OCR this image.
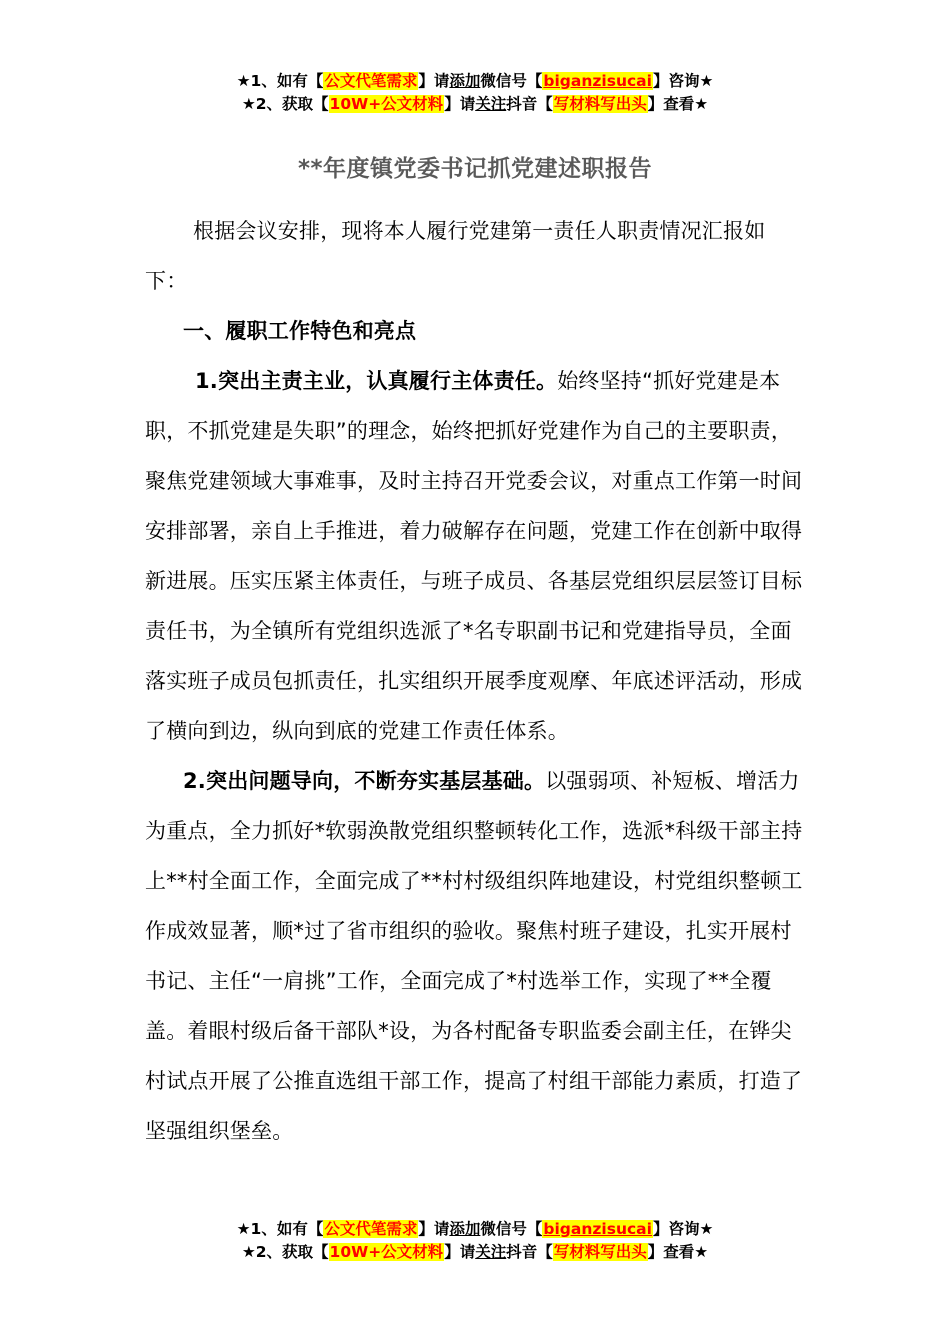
★1、如有【公文代笔需求】请添加微信号【biganzisucai】咨询★
★2、获取【10W+公文材料】请关注抖音【写材料写出头】查看★
**年度镇党委书记抓党建述职报告

根据会议安排，现将本人履行党建第一责任人职责情况汇报如下：

一、履职工作特色和亮点

1.突出主责主业，认真履行主体责任。始终坚持“抓好党建是本职，不抓党建是失职”的理念，始终把抓好党建作为自己的主要职责，聚焦党建领域大事难事，及时主持召开党委会议，对重点工作第一时间安排部署，亲自上手推进，着力破解存在问题，党建工作在创新中取得新进展。压实压紧主体责任，与班子成员、各基层党组织层层签订目标责任书，为全镇所有党组织选派了*名专职副书记和党建指导员，全面落实班子成员包抓责任，扎实组织开展季度观摩、年底述评活动，形成了横向到边，纵向到底的党建工作责任体系。

2.突出问题导向，不断夯实基层基础。以强弱项、补短板、增活力为重点，全力抓好*软弱涣散党组织整顿转化工作，选派*科级干部主持上**村全面工作，全面完成了**村村级组织阵地建设，村党组织整顿工作成效显著，顺*过了省市组织的验收。聚焦村班子建设，扎实开展村书记、主任“一肩挑”工作，全面完成了*村选举工作，实现了**全覆盖。着眼村级后备干部队*设，为各村配备专职监委会副主任，在铧尖村试点开展了公推直选组干部工作，提高了村组干部能力素质，打造了坚强组织堡垒。

★1、如有【公文代笔需求】请添加微信号【biganzisucai】咨询★
★2、获取【10W+公文材料】请关注抖音【写材料写出头】查看★
